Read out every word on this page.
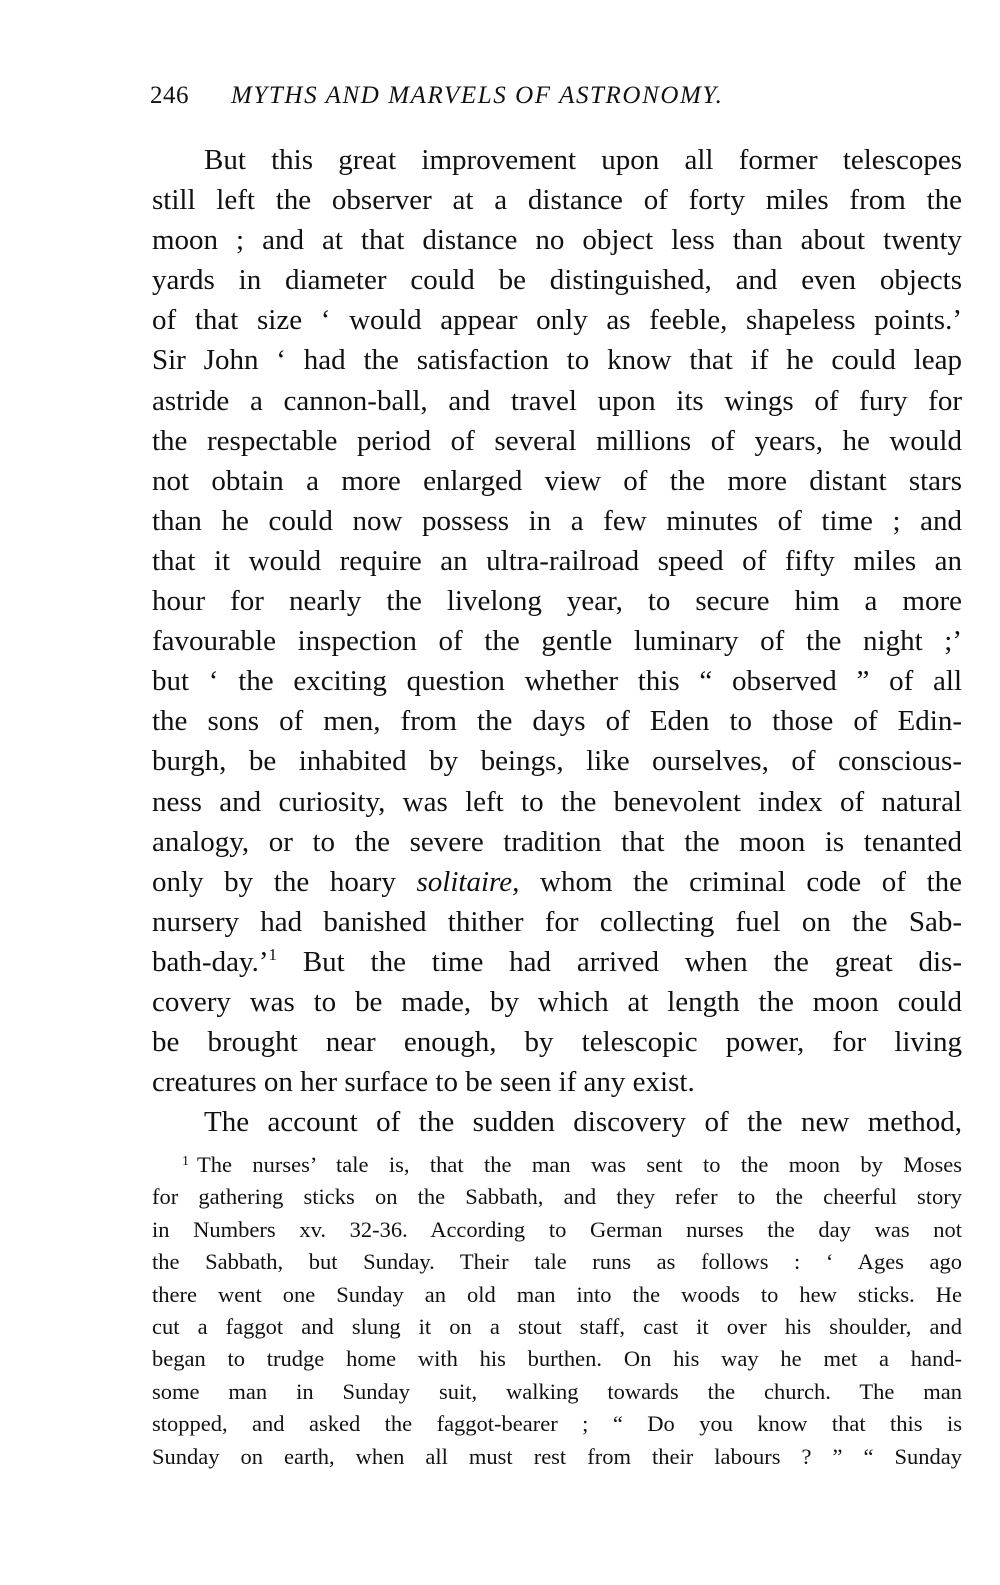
246 MYTHS AND MARVELS OF ASTRONOMY.
But this great improvement upon all former telescopes
still left the observer at a distance of forty miles from the
moon ; and at that distance no object less than about twenty
yards in diameter could be distinguished, and even objects
of that size ‘ would appear only as feeble, shapeless points.’
Sir John ‘ had the satisfaction to know that if he could leap
astride a cannon-ball, and travel upon its wings of fury for
the respectable period of several millions of years, he would
not obtain a more enlarged view of the more distant stars
than he could now possess in a few minutes of time ; and
that it would require an ultra-railroad speed of fifty miles an
hour for nearly the livelong year, to secure him a more
favourable inspection of the gentle luminary of the night ;’
but ‘ the exciting question whether this “ observed ” of all
the sons of men, from the days of Eden to those of Edin-
burgh, be inhabited by beings, like ourselves, of conscious-
ness and curiosity, was left to the benevolent index of natural
analogy, or to the severe tradition that the moon is tenanted
only by the hoary solitaire, whom the criminal code of the
nursery had banished thither for collecting fuel on the Sab-
bath-day.’$^1$ But the time had arrived when the great dis-
covery was to be made, by which at length the moon could
be brought near enough, by telescopic power, for living
creatures on her surface to be seen if any exist.
The account of the sudden discovery of the new method,
$^1$ The nurses’ tale is, that the man was sent to the moon by Moses
for gathering sticks on the Sabbath, and they refer to the cheerful story
in Numbers xv. 32-36. According to German nurses the day was not
the Sabbath, but Sunday. Their tale runs as follows : ‘ Ages ago
there went one Sunday an old man into the woods to hew sticks. He
cut a faggot and slung it on a stout staff, cast it over his shoulder, and
began to trudge home with his burthen. On his way he met a hand-
some man in Sunday suit, walking towards the church. The man
stopped, and asked the faggot-bearer ; “ Do you know that this is
Sunday on earth, when all must rest from their labours ? ” “ Sunday
